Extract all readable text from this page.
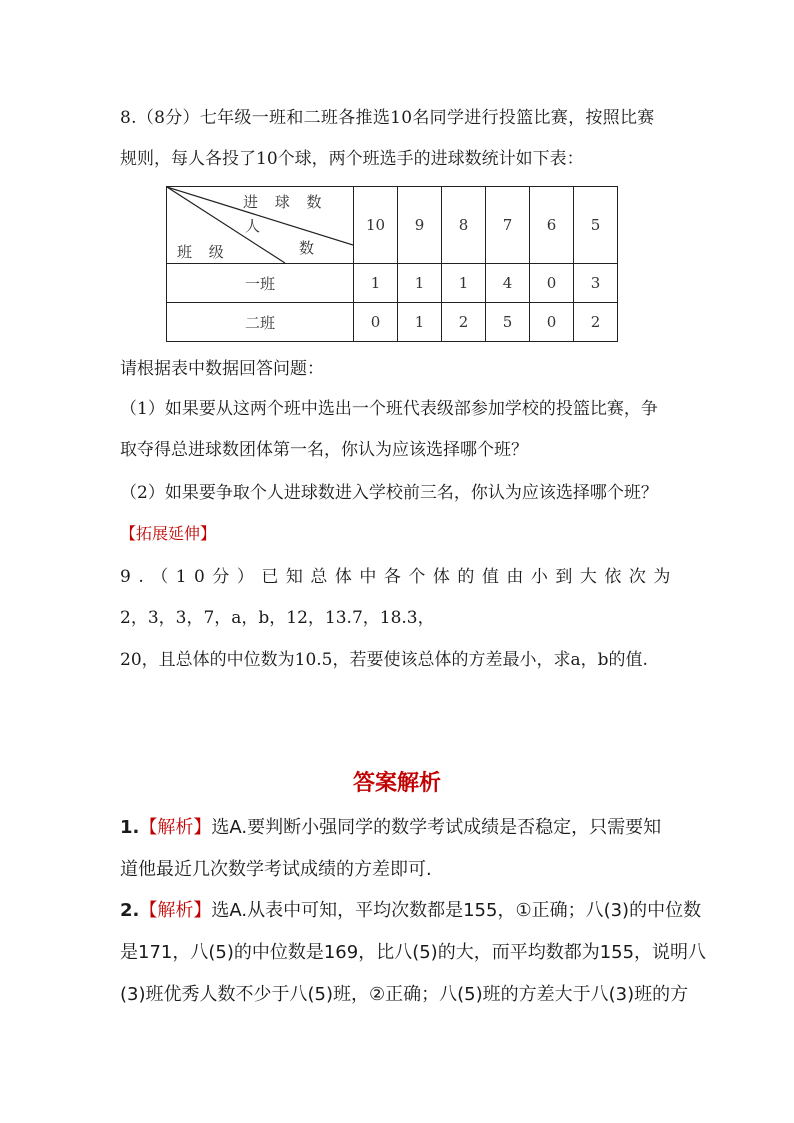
8.（8分）七年级一班和二班各推选10名同学进行投篮比赛，按照比赛
规则，每人各投了10个球，两个班选手的进球数统计如下表：
进 球 数
人
数
班 级	10	9	8	7	6	5
一班	1	1	1	4	0	3
二班	0	1	2	5	0	2
请根据表中数据回答问题：
（1）如果要从这两个班中选出一个班代表级部参加学校的投篮比赛，争
取夺得总进球数团体第一名，你认为应该选择哪个班？
（2）如果要争取个人进球数进入学校前三名，你认为应该选择哪个班？
【拓展延伸】
9.（10分）已知总体中各个体的值由小到大依次为
2，3，3，7，a，b，12，13.7，18.3，
20，且总体的中位数为10.5，若要使该总体的方差最小，求a，b的值.
答案解析
1.【解析】选A.要判断小强同学的数学考试成绩是否稳定，只需要知
道他最近几次数学考试成绩的方差即可.
2.【解析】选A.从表中可知，平均次数都是155，①正确；八(3)的中位数
是171，八(5)的中位数是169，比八(5)的大，而平均数都为155，说明八
(3)班优秀人数不少于八(5)班，②正确；八(5)班的方差大于八(3)班的方
